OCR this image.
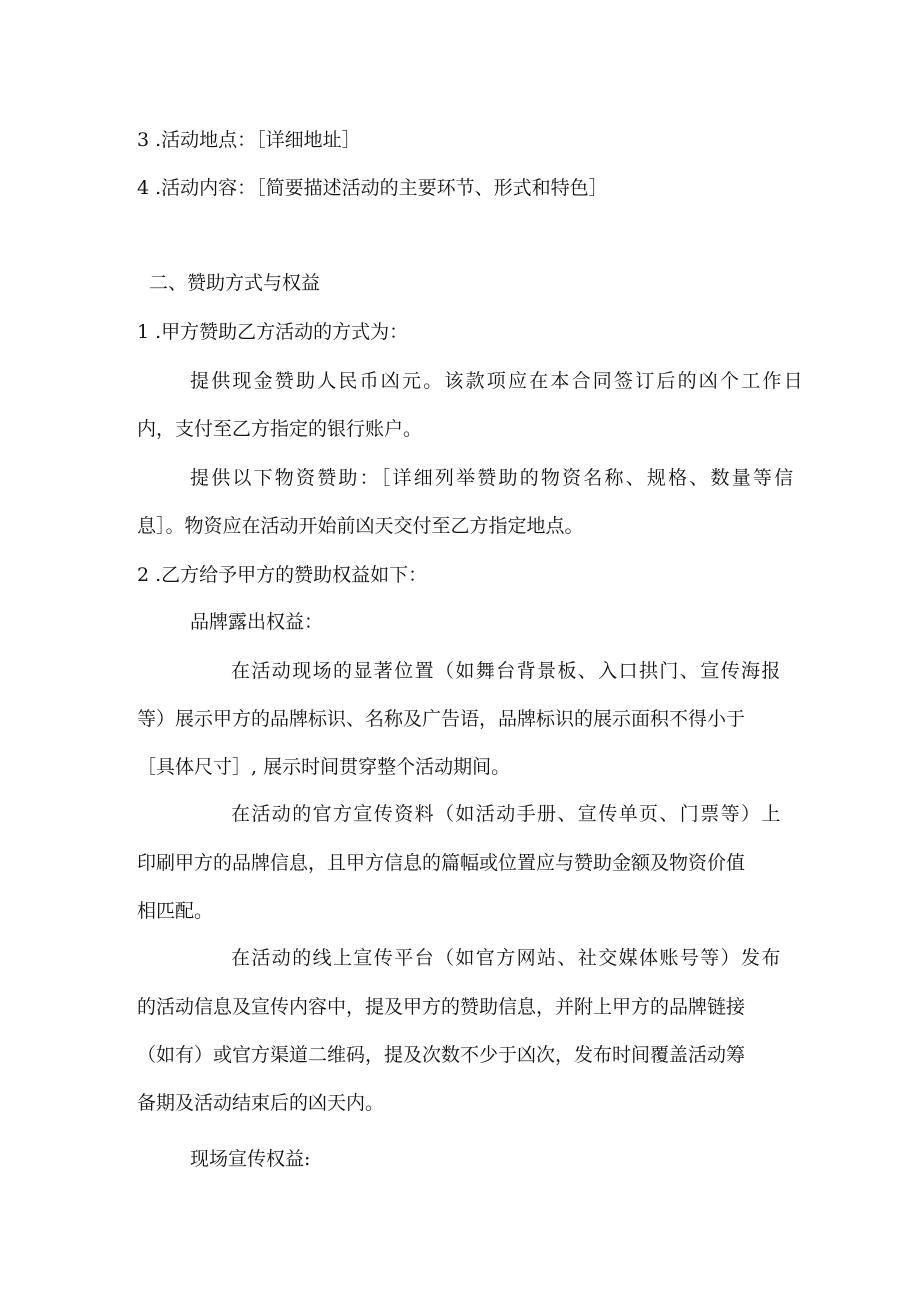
3 .活动地点：［详细地址］
4 .活动内容：［简要描述活动的主要环节、形式和特色］
二、赞助方式与权益
1 .甲方赞助乙方活动的方式为：
提供现金赞助人民币凶元。该款项应在本合同签订后的凶个工作日
内，支付至乙方指定的银行账户。
提供以下物资赞助：［详细列举赞助的物资名称、规格、数量等信
息］。物资应在活动开始前凶天交付至乙方指定地点。
2 .乙方给予甲方的赞助权益如下：
品牌露出权益：
在活动现场的显著位置（如舞台背景板、入口拱门、宣传海报
等）展示甲方的品牌标识、名称及广告语，品牌标识的展示面积不得小于
［具体尺寸］, 展示时间贯穿整个活动期间。
在活动的官方宣传资料（如活动手册、宣传单页、门票等）上
印刷甲方的品牌信息，且甲方信息的篇幅或位置应与赞助金额及物资价值
相匹配。
在活动的线上宣传平台（如官方网站、社交媒体账号等）发布
的活动信息及宣传内容中，提及甲方的赞助信息，并附上甲方的品牌链接
（如有）或官方渠道二维码，提及次数不少于凶次，发布时间覆盖活动筹
备期及活动结束后的凶天内。
现场宣传权益:
